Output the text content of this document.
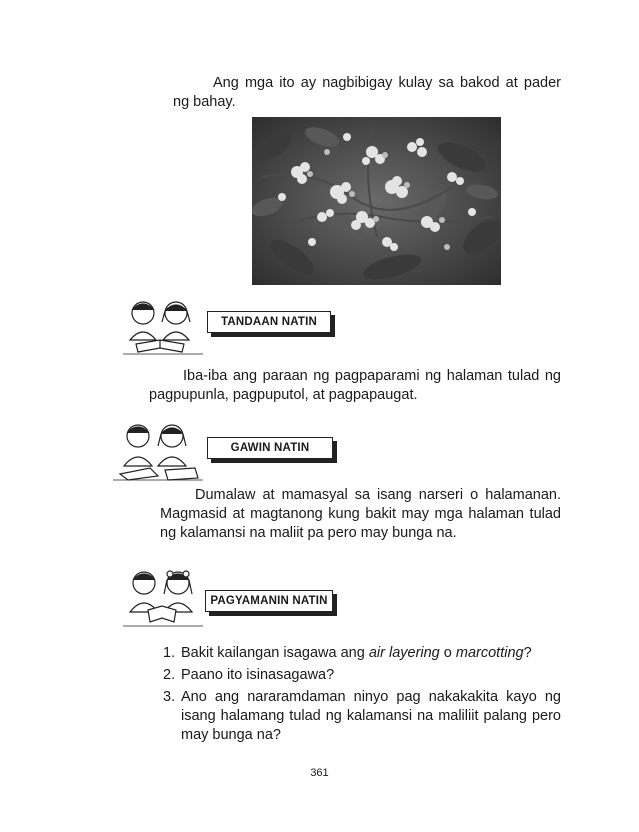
Ang mga ito ay nagbibigay kulay sa bakod at pader ng bahay.

TANDAAN NATIN

Iba-iba ang paraan ng pagpaparami ng halaman tulad ng pagpupunla, pagpuputol, at pagpapaugat.

GAWIN NATIN

Dumalaw at mamasyal sa isang narseri o halamanan. Magmasid at magtanong kung bakit may mga halaman tulad ng kalamansi na maliit pa pero may bunga na.

PAGYAMANIN NATIN
1. Bakit kailangan isagawa ang air layering o marcotting?
2. Paano ito isinasagawa?
3. Ano ang nararamdaman ninyo pag nakakakita kayo ng isang halamang tulad ng kalamansi na maliliit palang pero may bunga na?
361
